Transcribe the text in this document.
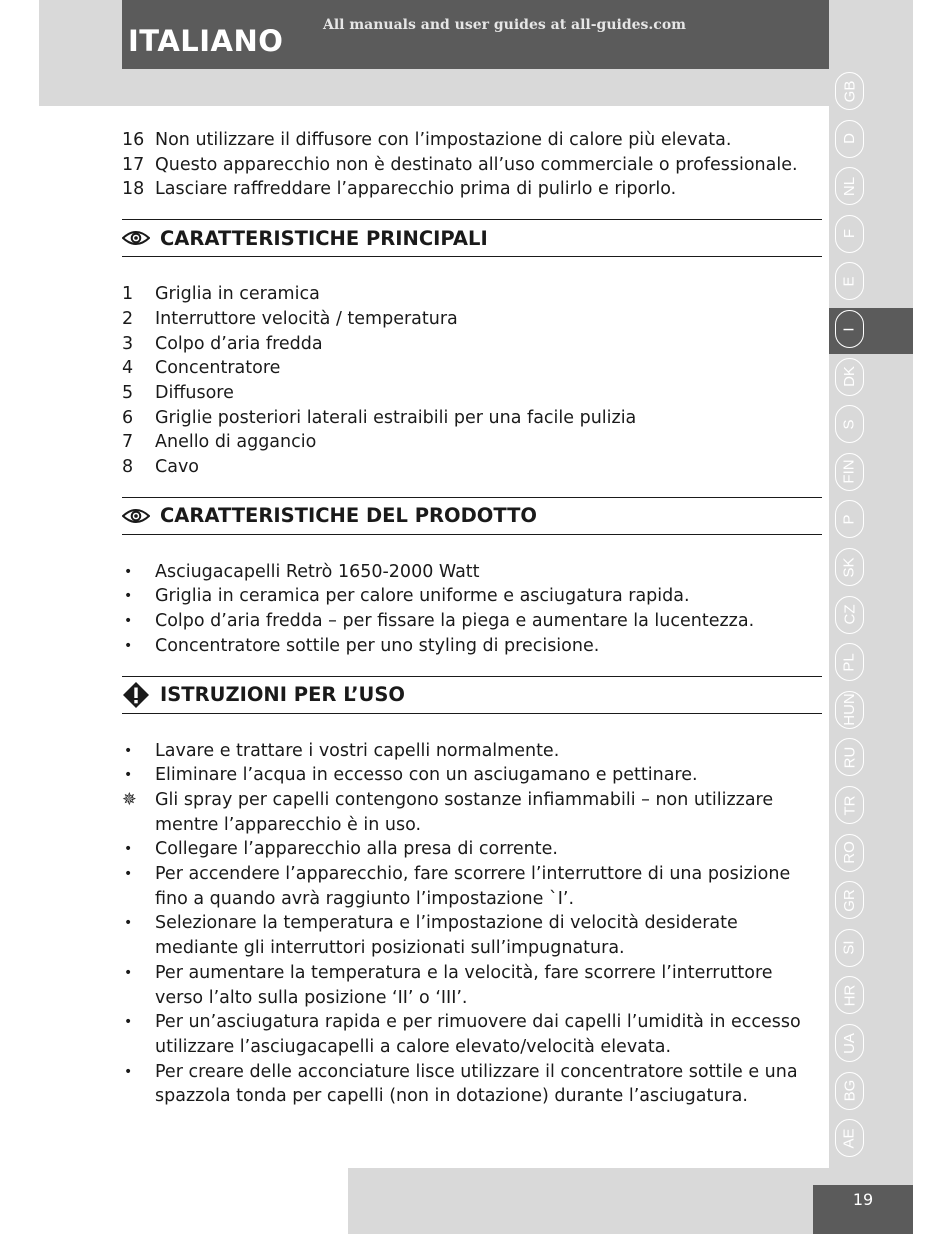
ITALIANO	All manuals and user guides at all-guides.com
GB
D
NL
F
E
I
DK
S
FIN
P
SK
CZ
PL
HUN
RU
TR
RO
GR
SI
HR
UA
BG
AE
16 Non utilizzare il diffusore con l’impostazione di calore più elevata.
17 Questo apparecchio non è destinato all’uso commerciale o professionale.
18 Lasciare raffreddare l’apparecchio prima di pulirlo e riporlo.
CARATTERISTICHE PRINCIPALI
1	Griglia in ceramica
2	Interruttore velocità / temperatura
3	Colpo d’aria fredda
4	Concentratore
5	Diffusore
6	Griglie posteriori laterali estraibili per una facile pulizia
7	Anello di aggancio
8	Cavo
CARATTERISTICHE DEL PRODOTTO
•	Asciugacapelli Retrò 1650-2000 Watt
•	Griglia in ceramica per calore uniforme e asciugatura rapida.
•	Colpo d’aria fredda – per fissare la piega e aumentare la lucentezza.
•	Concentratore sottile per uno styling di precisione.
ISTRUZIONI PER L’USO
•	Lavare e trattare i vostri capelli normalmente.
•	Eliminare l’acqua in eccesso con un asciugamano e pettinare.
✵	Gli spray per capelli contengono sostanze infiammabili – non utilizzare mentre l’apparecchio è in uso.
•	Collegare l’apparecchio alla presa di corrente.
•	Per accendere l’apparecchio, fare scorrere l’interruttore di una posizione fino a quando avrà raggiunto l’impostazione `I’.
•	Selezionare la temperatura e l’impostazione di velocità desiderate mediante gli interruttori posizionati sull’impugnatura.
•	Per aumentare la temperatura e la velocità, fare scorrere l’interruttore verso l’alto sulla posizione ‘II’ o ‘III’.
•	Per un’asciugatura rapida e per rimuovere dai capelli l’umidità in eccesso utilizzare l’asciugacapelli a calore elevato/velocità elevata.
•	Per creare delle acconciature lisce utilizzare il concentratore sottile e una spazzola tonda per capelli (non in dotazione) durante l’asciugatura.
19
